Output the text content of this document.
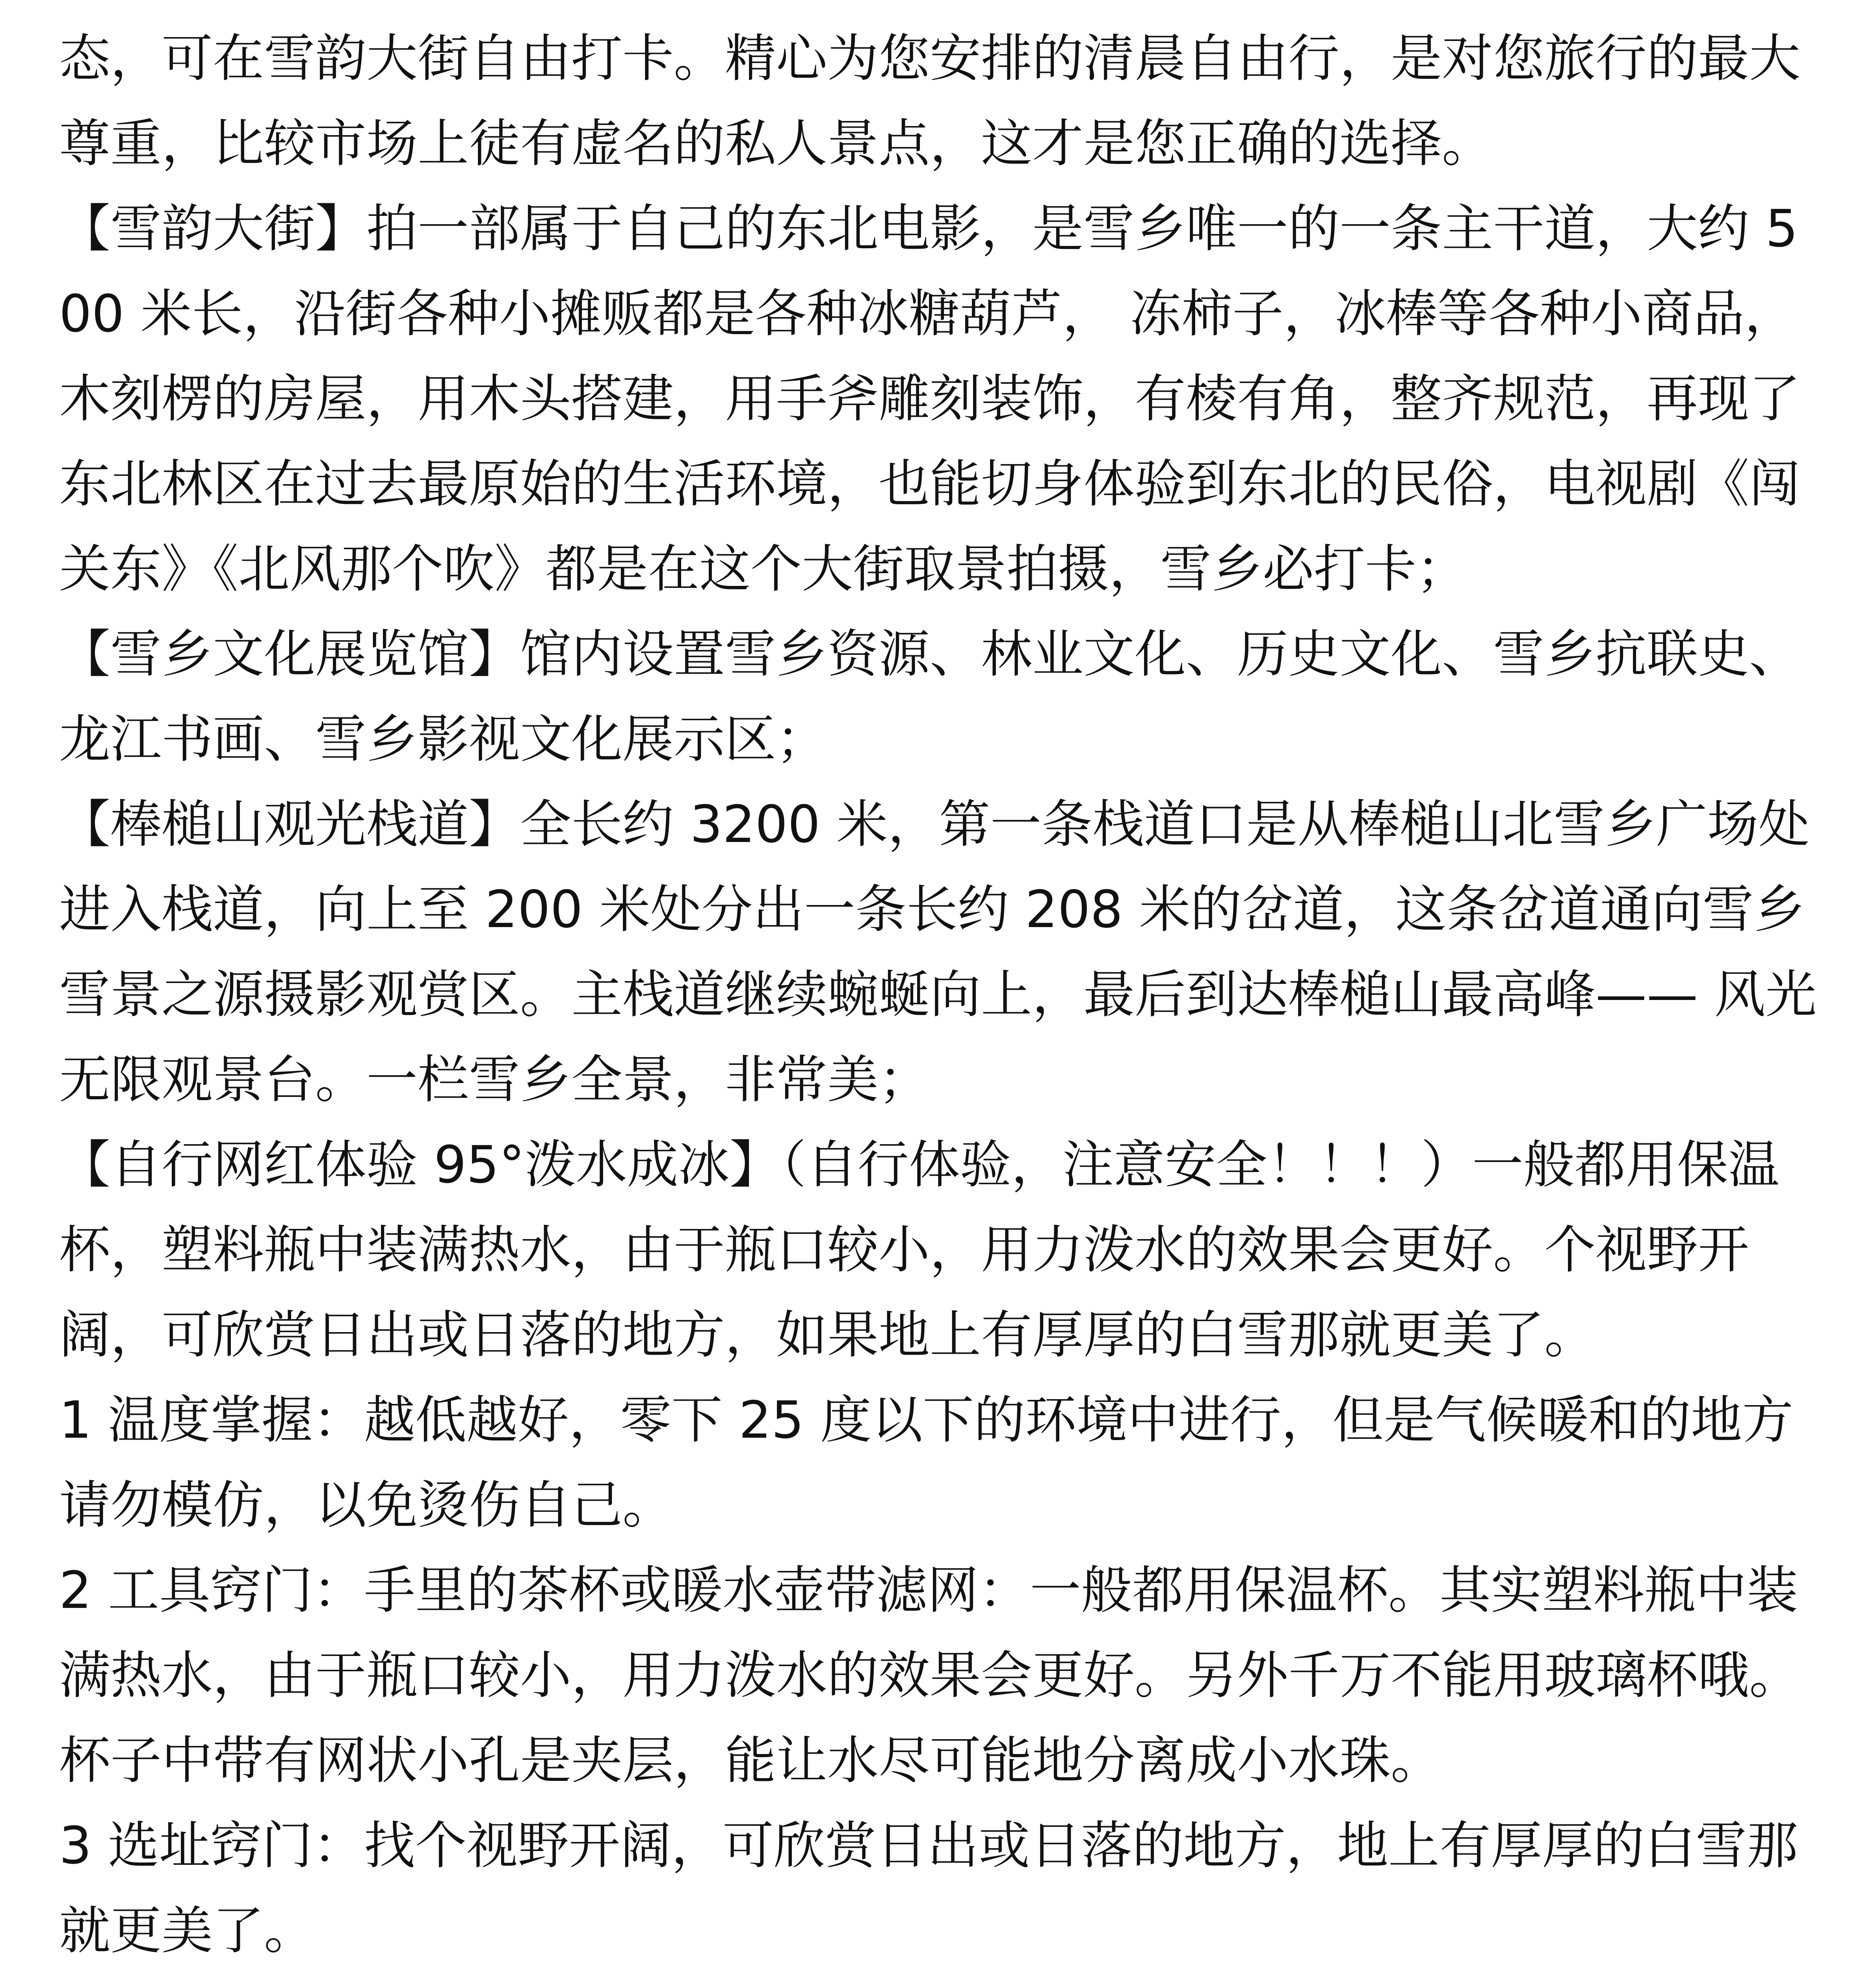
态，可在雪韵大街自由打卡。精心为您安排的清晨自由行，是对您旅行的最大尊重，比较市场上徒有虚名的私人景点，这才是您正确的选择。

【雪韵大街】拍一部属于自己的东北电影，是雪乡唯一的一条主干道，大约 500 米长，沿街各种小摊贩都是各种冰糖葫芦， 冻柿子，冰棒等各种小商品，木刻楞的房屋，用木头搭建，用手斧雕刻装饰，有棱有角，整齐规范，再现了东北林区在过去最原始的生活环境，也能切身体验到东北的民俗，电视剧《闯关东》《北风那个吹》都是在这个大街取景拍摄，雪乡必打卡；

【雪乡文化展览馆】馆内设置雪乡资源、林业文化、历史文化、雪乡抗联史、龙江书画、雪乡影视文化展示区；

【棒槌山观光栈道】全长约 3200 米，第一条栈道口是从棒槌山北雪乡广场处进入栈道，向上至 200 米处分出一条长约 208 米的岔道，这条岔道通向雪乡雪景之源摄影观赏区。主栈道继续蜿蜒向上，最后到达棒槌山最高峰—— 风光无限观景台。一栏雪乡全景，非常美；

【自行网红体验 95°泼水成冰】（自行体验，注意安全！！！）一般都用保温杯，塑料瓶中装满热水，由于瓶口较小，用力泼水的效果会更好。个视野开阔，可欣赏日出或日落的地方，如果地上有厚厚的白雪那就更美了。

1 温度掌握：越低越好，零下 25 度以下的环境中进行，但是气候暖和的地方请勿模仿，以免烫伤自己。

2 工具窍门：手里的茶杯或暖水壶带滤网：一般都用保温杯。其实塑料瓶中装满热水，由于瓶口较小，用力泼水的效果会更好。另外千万不能用玻璃杯哦。杯子中带有网状小孔是夹层，能让水尽可能地分离成小水珠。

3 选址窍门：找个视野开阔，可欣赏日出或日落的地方，地上有厚厚的白雪那就更美了。
